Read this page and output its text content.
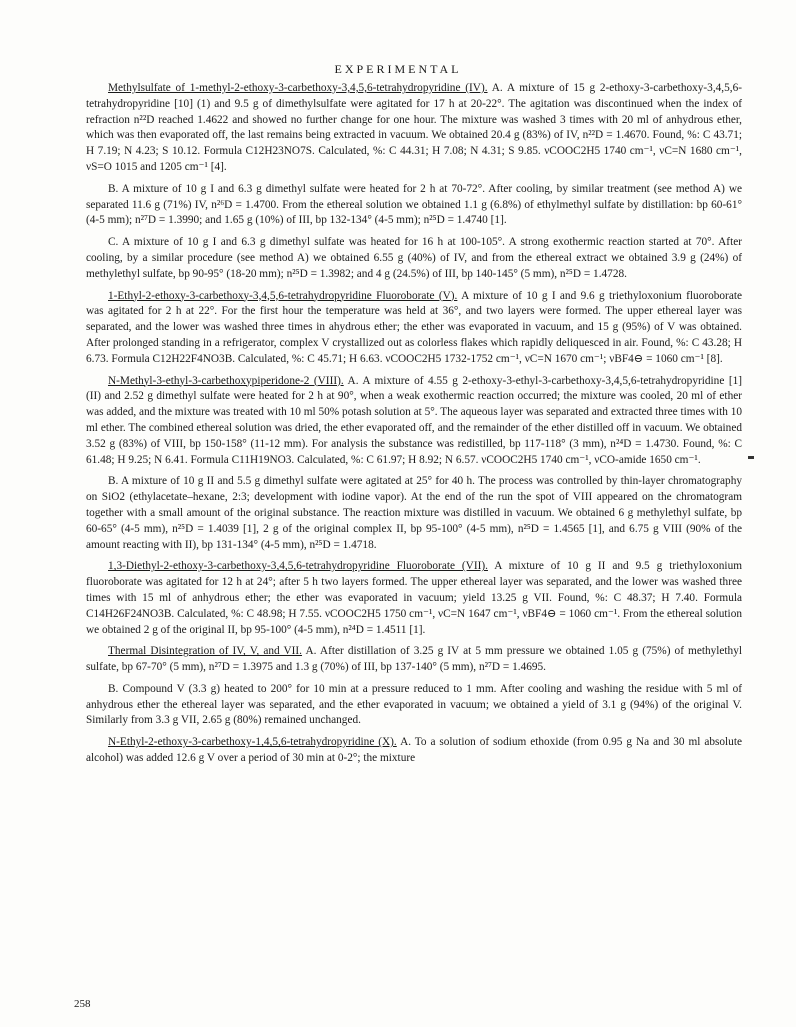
EXPERIMENTAL

Methylsulfate of 1-methyl-2-ethoxy-3-carbethoxy-3,4,5,6-tetrahydropyridine (IV). A. A mixture of 15 g 2-ethoxy-3-carbethoxy-3,4,5,6-tetrahydropyridine [10] (1) and 9.5 g of dimethylsulfate were agitated for 17 h at 20-22°. The agitation was discontinued when the index of refraction n²²D reached 1.4622 and showed no further change for one hour. The mixture was washed 3 times with 20 ml of anhydrous ether, which was then evaporated off, the last remains being extracted in vacuum. We obtained 20.4 g (83%) of IV, n²²D = 1.4670. Found, %: C 43.71; H 7.19; N 4.23; S 10.12. Formula C12H23NO7S. Calculated, %: C 44.31; H 7.08; N 4.31; S 9.85. νCOOC2H5 1740 cm⁻¹, νC=N 1680 cm⁻¹, νS=O 1015 and 1205 cm⁻¹ [4].

B. A mixture of 10 g I and 6.3 g dimethyl sulfate were heated for 2 h at 70-72°. After cooling, by similar treatment (see method A) we separated 11.6 g (71%) IV, n²⁶D = 1.4700. From the ethereal solution we obtained 1.1 g (6.8%) of ethylmethyl sulfate by distillation: bp 60-61° (4-5 mm); n²⁷D = 1.3990; and 1.65 g (10%) of III, bp 132-134° (4-5 mm); n²⁵D = 1.4740 [1].

C. A mixture of 10 g I and 6.3 g dimethyl sulfate was heated for 16 h at 100-105°. A strong exothermic reaction started at 70°. After cooling, by a similar procedure (see method A) we obtained 6.55 g (40%) of IV, and from the ethereal extract we obtained 3.9 g (24%) of methylethyl sulfate, bp 90-95° (18-20 mm); n²⁵D = 1.3982; and 4 g (24.5%) of III, bp 140-145° (5 mm), n²⁵D = 1.4728.

1-Ethyl-2-ethoxy-3-carbethoxy-3,4,5,6-tetrahydropyridine Fluoroborate (V). A mixture of 10 g I and 9.6 g triethyloxonium fluoroborate was agitated for 2 h at 22°. For the first hour the temperature was held at 36°, and two layers were formed. The upper ethereal layer was separated, and the lower was washed three times in ahydrous ether; the ether was evaporated in vacuum, and 15 g (95%) of V was obtained. After prolonged standing in a refrigerator, complex V crystallized out as colorless flakes which rapidly deliquesced in air. Found, %: C 43.28; H 6.73. Formula C12H22F4NO3B. Calculated, %: C 45.71; H 6.63. νCOOC2H5 1732-1752 cm⁻¹, νC=N 1670 cm⁻¹; νBF4⊖ = 1060 cm⁻¹ [8].

N-Methyl-3-ethyl-3-carbethoxypiperidone-2 (VIII). A. A mixture of 4.55 g 2-ethoxy-3-ethyl-3-carbethoxy-3,4,5,6-tetrahydropyridine [1] (II) and 2.52 g dimethyl sulfate were heated for 2 h at 90°, when a weak exothermic reaction occurred; the mixture was cooled, 20 ml of ether was added, and the mixture was treated with 10 ml 50% potash solution at 5°. The aqueous layer was separated and extracted three times with 10 ml ether. The combined ethereal solution was dried, the ether evaporated off, and the remainder of the ether distilled off in vacuum. We obtained 3.52 g (83%) of VIII, bp 150-158° (11-12 mm). For analysis the substance was redistilled, bp 117-118° (3 mm), n²⁴D = 1.4730. Found, %: C 61.48; H 9.25; N 6.41. Formula C11H19NO3. Calculated, %: C 61.97; H 8.92; N 6.57. νCOOC2H5 1740 cm⁻¹, νCO-amide 1650 cm⁻¹.

B. A mixture of 10 g II and 5.5 g dimethyl sulfate were agitated at 25° for 40 h. The process was controlled by thin-layer chromatography on SiO2 (ethylacetate–hexane, 2:3; development with iodine vapor). At the end of the run the spot of VIII appeared on the chromatogram together with a small amount of the original substance. The reaction mixture was distilled in vacuum. We obtained 6 g methylethyl sulfate, bp 60-65° (4-5 mm), n²⁵D = 1.4039 [1], 2 g of the original complex II, bp 95-100° (4-5 mm), n²⁵D = 1.4565 [1], and 6.75 g VIII (90% of the amount reacting with II), bp 131-134° (4-5 mm), n²⁵D = 1.4718.

1,3-Diethyl-2-ethoxy-3-carbethoxy-3,4,5,6-tetrahydropyridine Fluoroborate (VII). A mixture of 10 g II and 9.5 g triethyloxonium fluoroborate was agitated for 12 h at 24°; after 5 h two layers formed. The upper ethereal layer was separated, and the lower was washed three times with 15 ml of anhydrous ether; the ether was evaporated in vacuum; yield 13.25 g VII. Found, %: C 48.37; H 7.40. Formula C14H26F24NO3B. Calculated, %: C 48.98; H 7.55. νCOOC2H5 1750 cm⁻¹, νC=N 1647 cm⁻¹, νBF4⊖ = 1060 cm⁻¹. From the ethereal solution we obtained 2 g of the original II, bp 95-100° (4-5 mm), n²⁴D = 1.4511 [1].

Thermal Disintegration of IV, V, and VII. A. After distillation of 3.25 g IV at 5 mm pressure we obtained 1.05 g (75%) of methylethyl sulfate, bp 67-70° (5 mm), n²⁷D = 1.3975 and 1.3 g (70%) of III, bp 137-140° (5 mm), n²⁷D = 1.4695.

B. Compound V (3.3 g) heated to 200° for 10 min at a pressure reduced to 1 mm. After cooling and washing the residue with 5 ml of anhydrous ether the ethereal layer was separated, and the ether evaporated in vacuum; we obtained a yield of 3.1 g (94%) of the original V. Similarly from 3.3 g VII, 2.65 g (80%) remained unchanged.

N-Ethyl-2-ethoxy-3-carbethoxy-1,4,5,6-tetrahydropyridine (X). A. To a solution of sodium ethoxide (from 0.95 g Na and 30 ml absolute alcohol) was added 12.6 g V over a period of 30 min at 0-2°; the mixture

258
